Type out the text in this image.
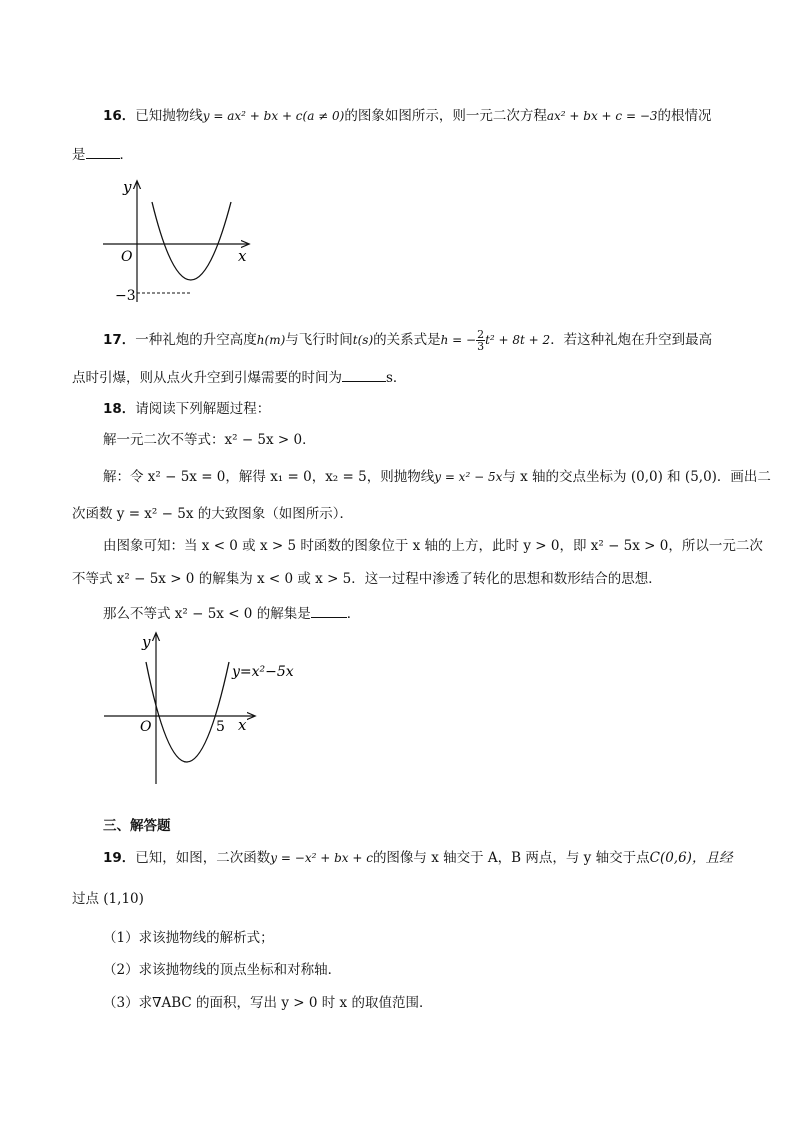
16．已知抛物线y = ax² + bx + c(a ≠ 0)的图象如图所示，则一元二次方程ax² + bx + c = −3的根情况
是	．
y
x
O
−3
17．一种礼炮的升空高度h(m)与飞行时间t(s)的关系式是h = − $\frac{2}{3} t^2 + 8t + 2$．若这种礼炮在升空到最高
点时引爆，则从点火升空到引爆需要的时间为	s．
18．请阅读下列解题过程：
解一元二次不等式：x² − 5x > 0．
解：令 x² − 5x = 0，解得 x₁ = 0，x₂ = 5，则抛物线y = x² − 5x与 x 轴的交点坐标为 (0,0) 和 (5,0)．画出二
次函数 y = x² − 5x 的大致图象（如图所示）．
由图象可知：当 x < 0 或 x > 5 时函数的图象位于 x 轴的上方，此时 y > 0，即 x² − 5x > 0，所以一元二次
不等式 x² − 5x > 0 的解集为 x < 0 或 x > 5．这一过程中渗透了转化的思想和数形结合的思想．
那么不等式 x² − 5x < 0 的解集是	．
y
x
O	5
y=x²−5x
三、解答题
19．已知，如图，二次函数y = −x² + bx + c的图像与 x 轴交于 A，B 两点，与 y 轴交于点C(0,6)，且经
过点 (1,10)
（1）求该抛物线的解析式；
（2）求该抛物线的顶点坐标和对称轴．
（3）求∇ABC 的面积，写出 y > 0 时 x 的取值范围．
